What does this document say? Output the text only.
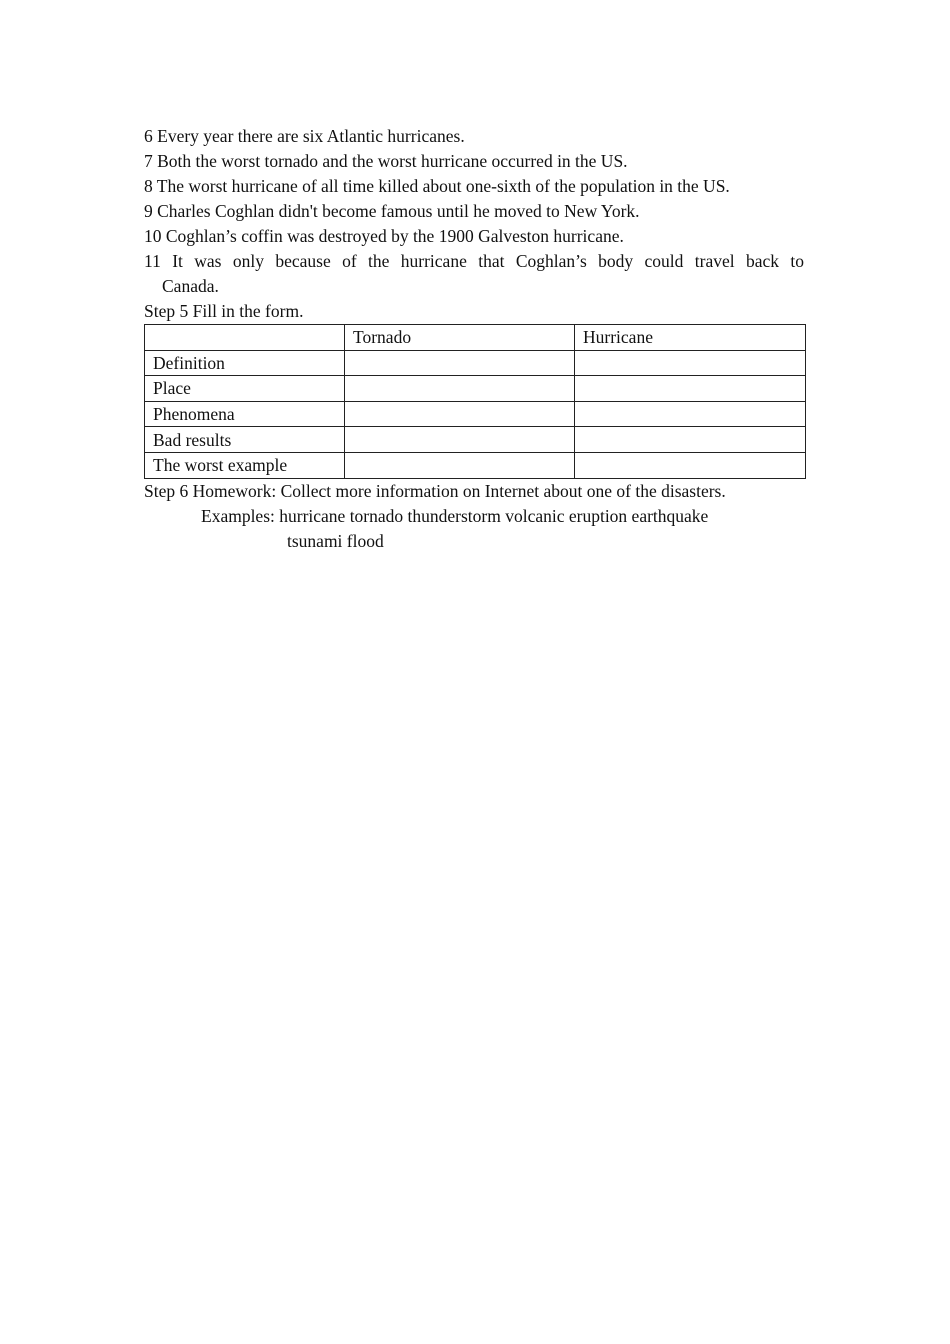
6 Every year there are six Atlantic hurricanes.
7 Both the worst tornado and the worst hurricane occurred in the US.
8 The worst hurricane of all time killed about one-sixth of the population in the US.
9 Charles Coghlan didn't become famous until he moved to New York.
10 Coghlan’s coffin was destroyed by the 1900 Galveston hurricane.
11 It was only because of the hurricane that Coghlan’s body could travel back to
Canada.
Step 5 Fill in the form.
	Tornado	Hurricane
Definition		
Place		
Phenomena		
Bad results		
The worst example		
Step 6 Homework: Collect more information on Internet about one of the disasters.
Examples: hurricane tornado thunderstorm volcanic eruption earthquake
tsunami flood
